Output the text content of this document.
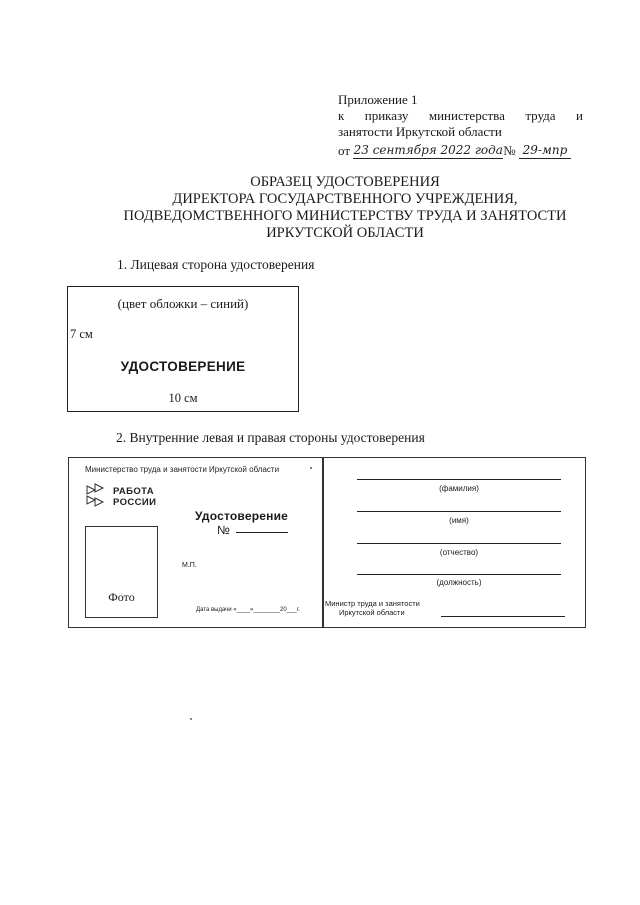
Приложение 1
к приказу министерства труда и
занятости Иркутской области
от 23 сентября 2022 года№ 29-мпр
ОБРАЗЕЦ УДОСТОВЕРЕНИЯ
ДИРЕКТОРА ГОСУДАРСТВЕННОГО УЧРЕЖДЕНИЯ,
ПОДВЕДОМСТВЕННОГО МИНИСТЕРСТВУ ТРУДА И ЗАНЯТОСТИ
ИРКУТСКОЙ ОБЛАСТИ
1. Лицевая сторона удостоверения
(цвет обложки – синий)
7 см
УДОСТОВЕРЕНИЕ
10 см
2. Внутренние левая и правая стороны удостоверения
Министерство труда и занятости Иркутской области
РАБОТА
РОССИИ
Фото
Удостоверение
№
М.П.
Дата выдачи «____»________20___г.
(фамилия)
(имя)
(отчество)
(должность)
Министр труда и занятости
Иркутской области
